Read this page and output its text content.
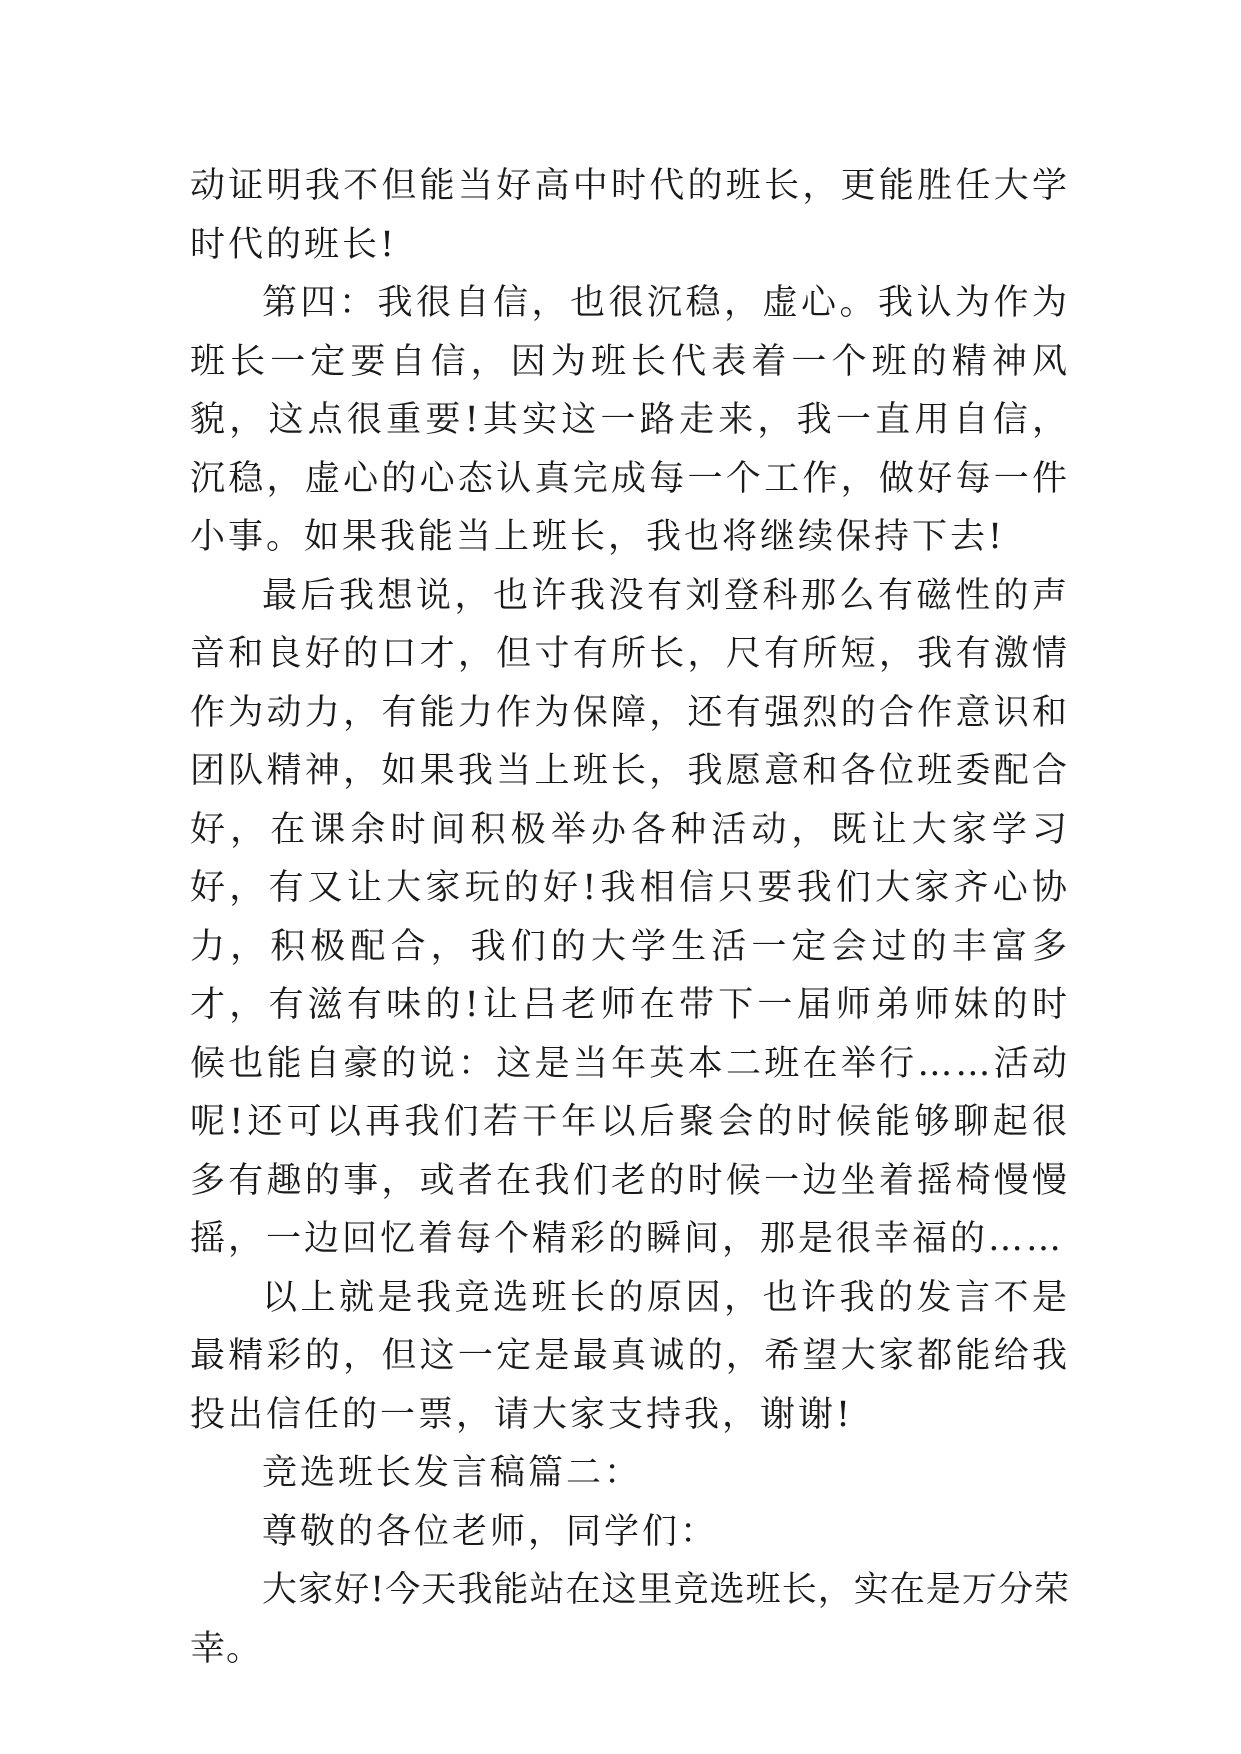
动证明我不但能当好高中时代的班长，更能胜任大学时代的班长!

第四：我很自信，也很沉稳，虚心。我认为作为班长一定要自信，因为班长代表着一个班的精神风貌，这点很重要!其实这一路走来，我一直用自信，沉稳，虚心的心态认真完成每一个工作，做好每一件小事。如果我能当上班长，我也将继续保持下去!

最后我想说，也许我没有刘登科那么有磁性的声音和良好的口才，但寸有所长，尺有所短，我有激情作为动力，有能力作为保障，还有强烈的合作意识和团队精神，如果我当上班长，我愿意和各位班委配合好，在课余时间积极举办各种活动，既让大家学习好，有又让大家玩的好!我相信只要我们大家齐心协力，积极配合，我们的大学生活一定会过的丰富多才，有滋有味的!让吕老师在带下一届师弟师妹的时候也能自豪的说：这是当年英本二班在举行……活动呢!还可以再我们若干年以后聚会的时候能够聊起很多有趣的事，或者在我们老的时候一边坐着摇椅慢慢摇，一边回忆着每个精彩的瞬间，那是很幸福的……

以上就是我竞选班长的原因，也许我的发言不是最精彩的，但这一定是最真诚的，希望大家都能给我投出信任的一票，请大家支持我，谢谢!

竞选班长发言稿篇二：

尊敬的各位老师，同学们：

大家好!今天我能站在这里竞选班长，实在是万分荣幸。
